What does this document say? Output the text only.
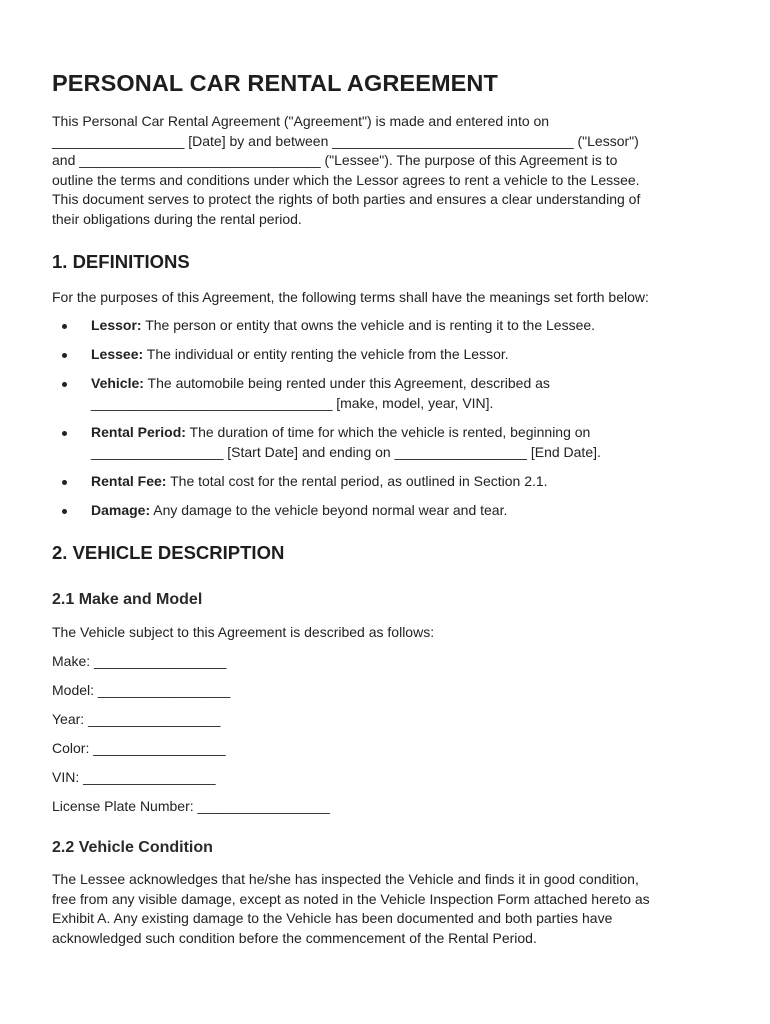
PERSONAL CAR RENTAL AGREEMENT
This Personal Car Rental Agreement ("Agreement") is made and entered into on
_________________ [Date] by and between _______________________________ ("Lessor")
and _______________________________ ("Lessee"). The purpose of this Agreement is to
outline the terms and conditions under which the Lessor agrees to rent a vehicle to the Lessee.
This document serves to protect the rights of both parties and ensures a clear understanding of
their obligations during the rental period.
1. DEFINITIONS
For the purposes of this Agreement, the following terms shall have the meanings set forth below:
Lessor: The person or entity that owns the vehicle and is renting it to the Lessee.
Lessee: The individual or entity renting the vehicle from the Lessor.
Vehicle: The automobile being rented under this Agreement, described as
_______________________________ [make, model, year, VIN].
Rental Period: The duration of time for which the vehicle is rented, beginning on
_________________ [Start Date] and ending on _________________ [End Date].
Rental Fee: The total cost for the rental period, as outlined in Section 2.1.
Damage: Any damage to the vehicle beyond normal wear and tear.
2. VEHICLE DESCRIPTION
2.1 Make and Model
The Vehicle subject to this Agreement is described as follows:
Make: _________________
Model: _________________
Year: _________________
Color: _________________
VIN: _________________
License Plate Number: _________________
2.2 Vehicle Condition
The Lessee acknowledges that he/she has inspected the Vehicle and finds it in good condition,
free from any visible damage, except as noted in the Vehicle Inspection Form attached hereto as
Exhibit A. Any existing damage to the Vehicle has been documented and both parties have
acknowledged such condition before the commencement of the Rental Period.
